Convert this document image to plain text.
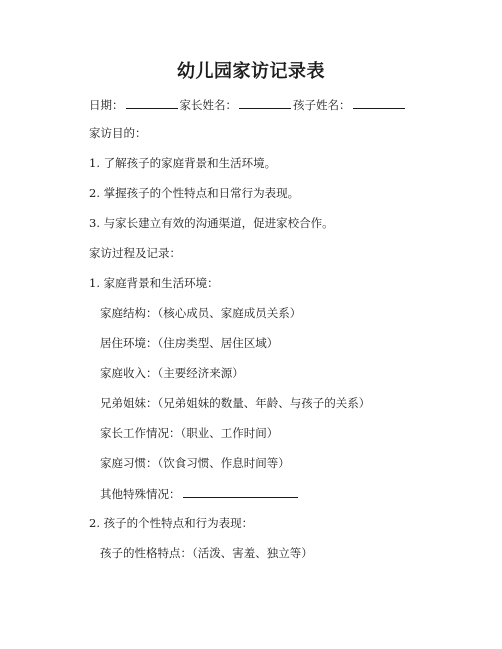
幼儿园家访记录表
日期：	家长姓名：	孩子姓名：
家访目的：
1. 了解孩子的家庭背景和生活环境。
2. 掌握孩子的个性特点和日常行为表现。
3. 与家长建立有效的沟通渠道，促进家校合作。
家访过程及记录：
1. 家庭背景和生活环境：
家庭结构：（核心成员、家庭成员关系）
居住环境：（住房类型、居住区域）
家庭收入：（主要经济来源）
兄弟姐妹：（兄弟姐妹的数量、年龄、与孩子的关系）
家长工作情况：（职业、工作时间）
家庭习惯：（饮食习惯、作息时间等）
其他特殊情况：
2. 孩子的个性特点和行为表现：
孩子的性格特点：（活泼、害羞、独立等）
